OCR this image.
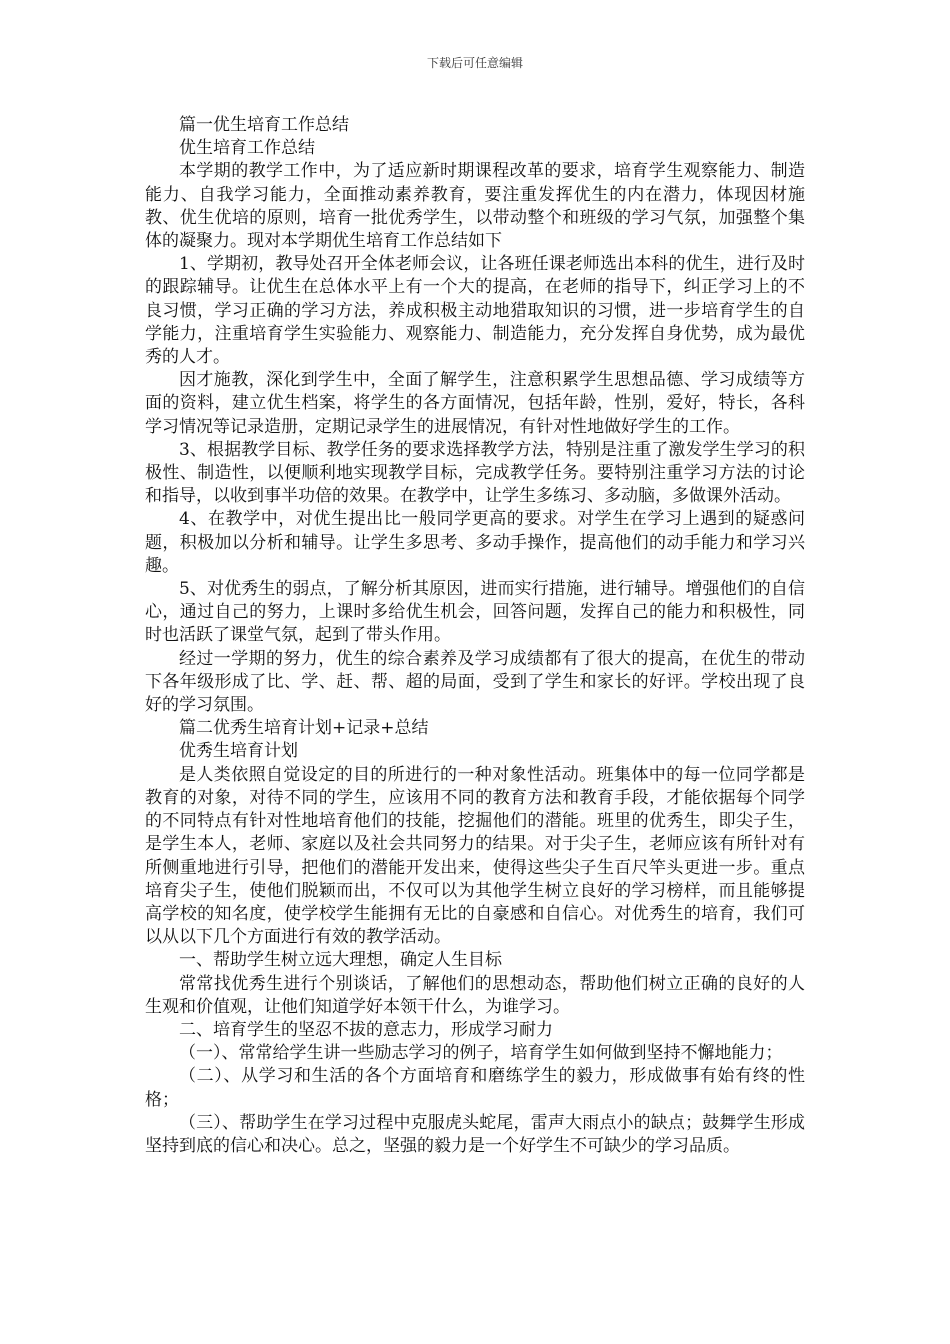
下载后可任意编辑

篇一优生培育工作总结

优生培育工作总结

本学期的教学工作中，为了适应新时期课程改革的要求，培育学生观察能力、制造能力、自我学习能力，全面推动素养教育，要注重发挥优生的内在潜力，体现因材施教、优生优培的原则，培育一批优秀学生，以带动整个和班级的学习气氛，加强整个集体的凝聚力。现对本学期优生培育工作总结如下

1、学期初，教导处召开全体老师会议，让各班任课老师选出本科的优生，进行及时的跟踪辅导。让优生在总体水平上有一个大的提高，在老师的指导下，纠正学习上的不良习惯，学习正确的学习方法，养成积极主动地猎取知识的习惯，进一步培育学生的自学能力，注重培育学生实验能力、观察能力、制造能力，充分发挥自身优势，成为最优秀的人才。

因才施教，深化到学生中，全面了解学生，注意积累学生思想品德、学习成绩等方面的资料，建立优生档案，将学生的各方面情况，包括年龄，性别，爱好，特长，各科学习情况等记录造册，定期记录学生的进展情况，有针对性地做好学生的工作。

3、根据教学目标、教学任务的要求选择教学方法，特别是注重了激发学生学习的积极性、制造性，以便顺利地实现教学目标，完成教学任务。要特别注重学习方法的讨论和指导，以收到事半功倍的效果。在教学中，让学生多练习、多动脑，多做课外活动。

4、在教学中，对优生提出比一般同学更高的要求。对学生在学习上遇到的疑惑问题，积极加以分析和辅导。让学生多思考、多动手操作，提高他们的动手能力和学习兴趣。

5、对优秀生的弱点，了解分析其原因，进而实行措施，进行辅导。增强他们的自信心，通过自己的努力，上课时多给优生机会，回答问题，发挥自己的能力和积极性，同时也活跃了课堂气氛，起到了带头作用。

经过一学期的努力，优生的综合素养及学习成绩都有了很大的提高，在优生的带动下各年级形成了比、学、赶、帮、超的局面，受到了学生和家长的好评。学校出现了良好的学习氛围。

篇二优秀生培育计划+记录+总结

优秀生培育计划

是人类依照自觉设定的目的所进行的一种对象性活动。班集体中的每一位同学都是教育的对象，对待不同的学生，应该用不同的教育方法和教育手段，才能依据每个同学的不同特点有针对性地培育他们的技能，挖掘他们的潜能。班里的优秀生，即尖子生，是学生本人，老师、家庭以及社会共同努力的结果。对于尖子生，老师应该有所针对有所侧重地进行引导，把他们的潜能开发出来，使得这些尖子生百尺竿头更进一步。重点培育尖子生，使他们脱颖而出，不仅可以为其他学生树立良好的学习榜样，而且能够提高学校的知名度，使学校学生能拥有无比的自豪感和自信心。对优秀生的培育，我们可以从以下几个方面进行有效的教学活动。

一、帮助学生树立远大理想，确定人生目标

常常找优秀生进行个别谈话，了解他们的思想动态，帮助他们树立正确的良好的人生观和价值观，让他们知道学好本领干什么，为谁学习。

二、培育学生的坚忍不拔的意志力，形成学习耐力

（一）、常常给学生讲一些励志学习的例子，培育学生如何做到坚持不懈地能力；

（二）、从学习和生活的各个方面培育和磨练学生的毅力，形成做事有始有终的性格；

（三）、帮助学生在学习过程中克服虎头蛇尾，雷声大雨点小的缺点；鼓舞学生形成坚持到底的信心和决心。总之，坚强的毅力是一个好学生不可缺少的学习品质。
